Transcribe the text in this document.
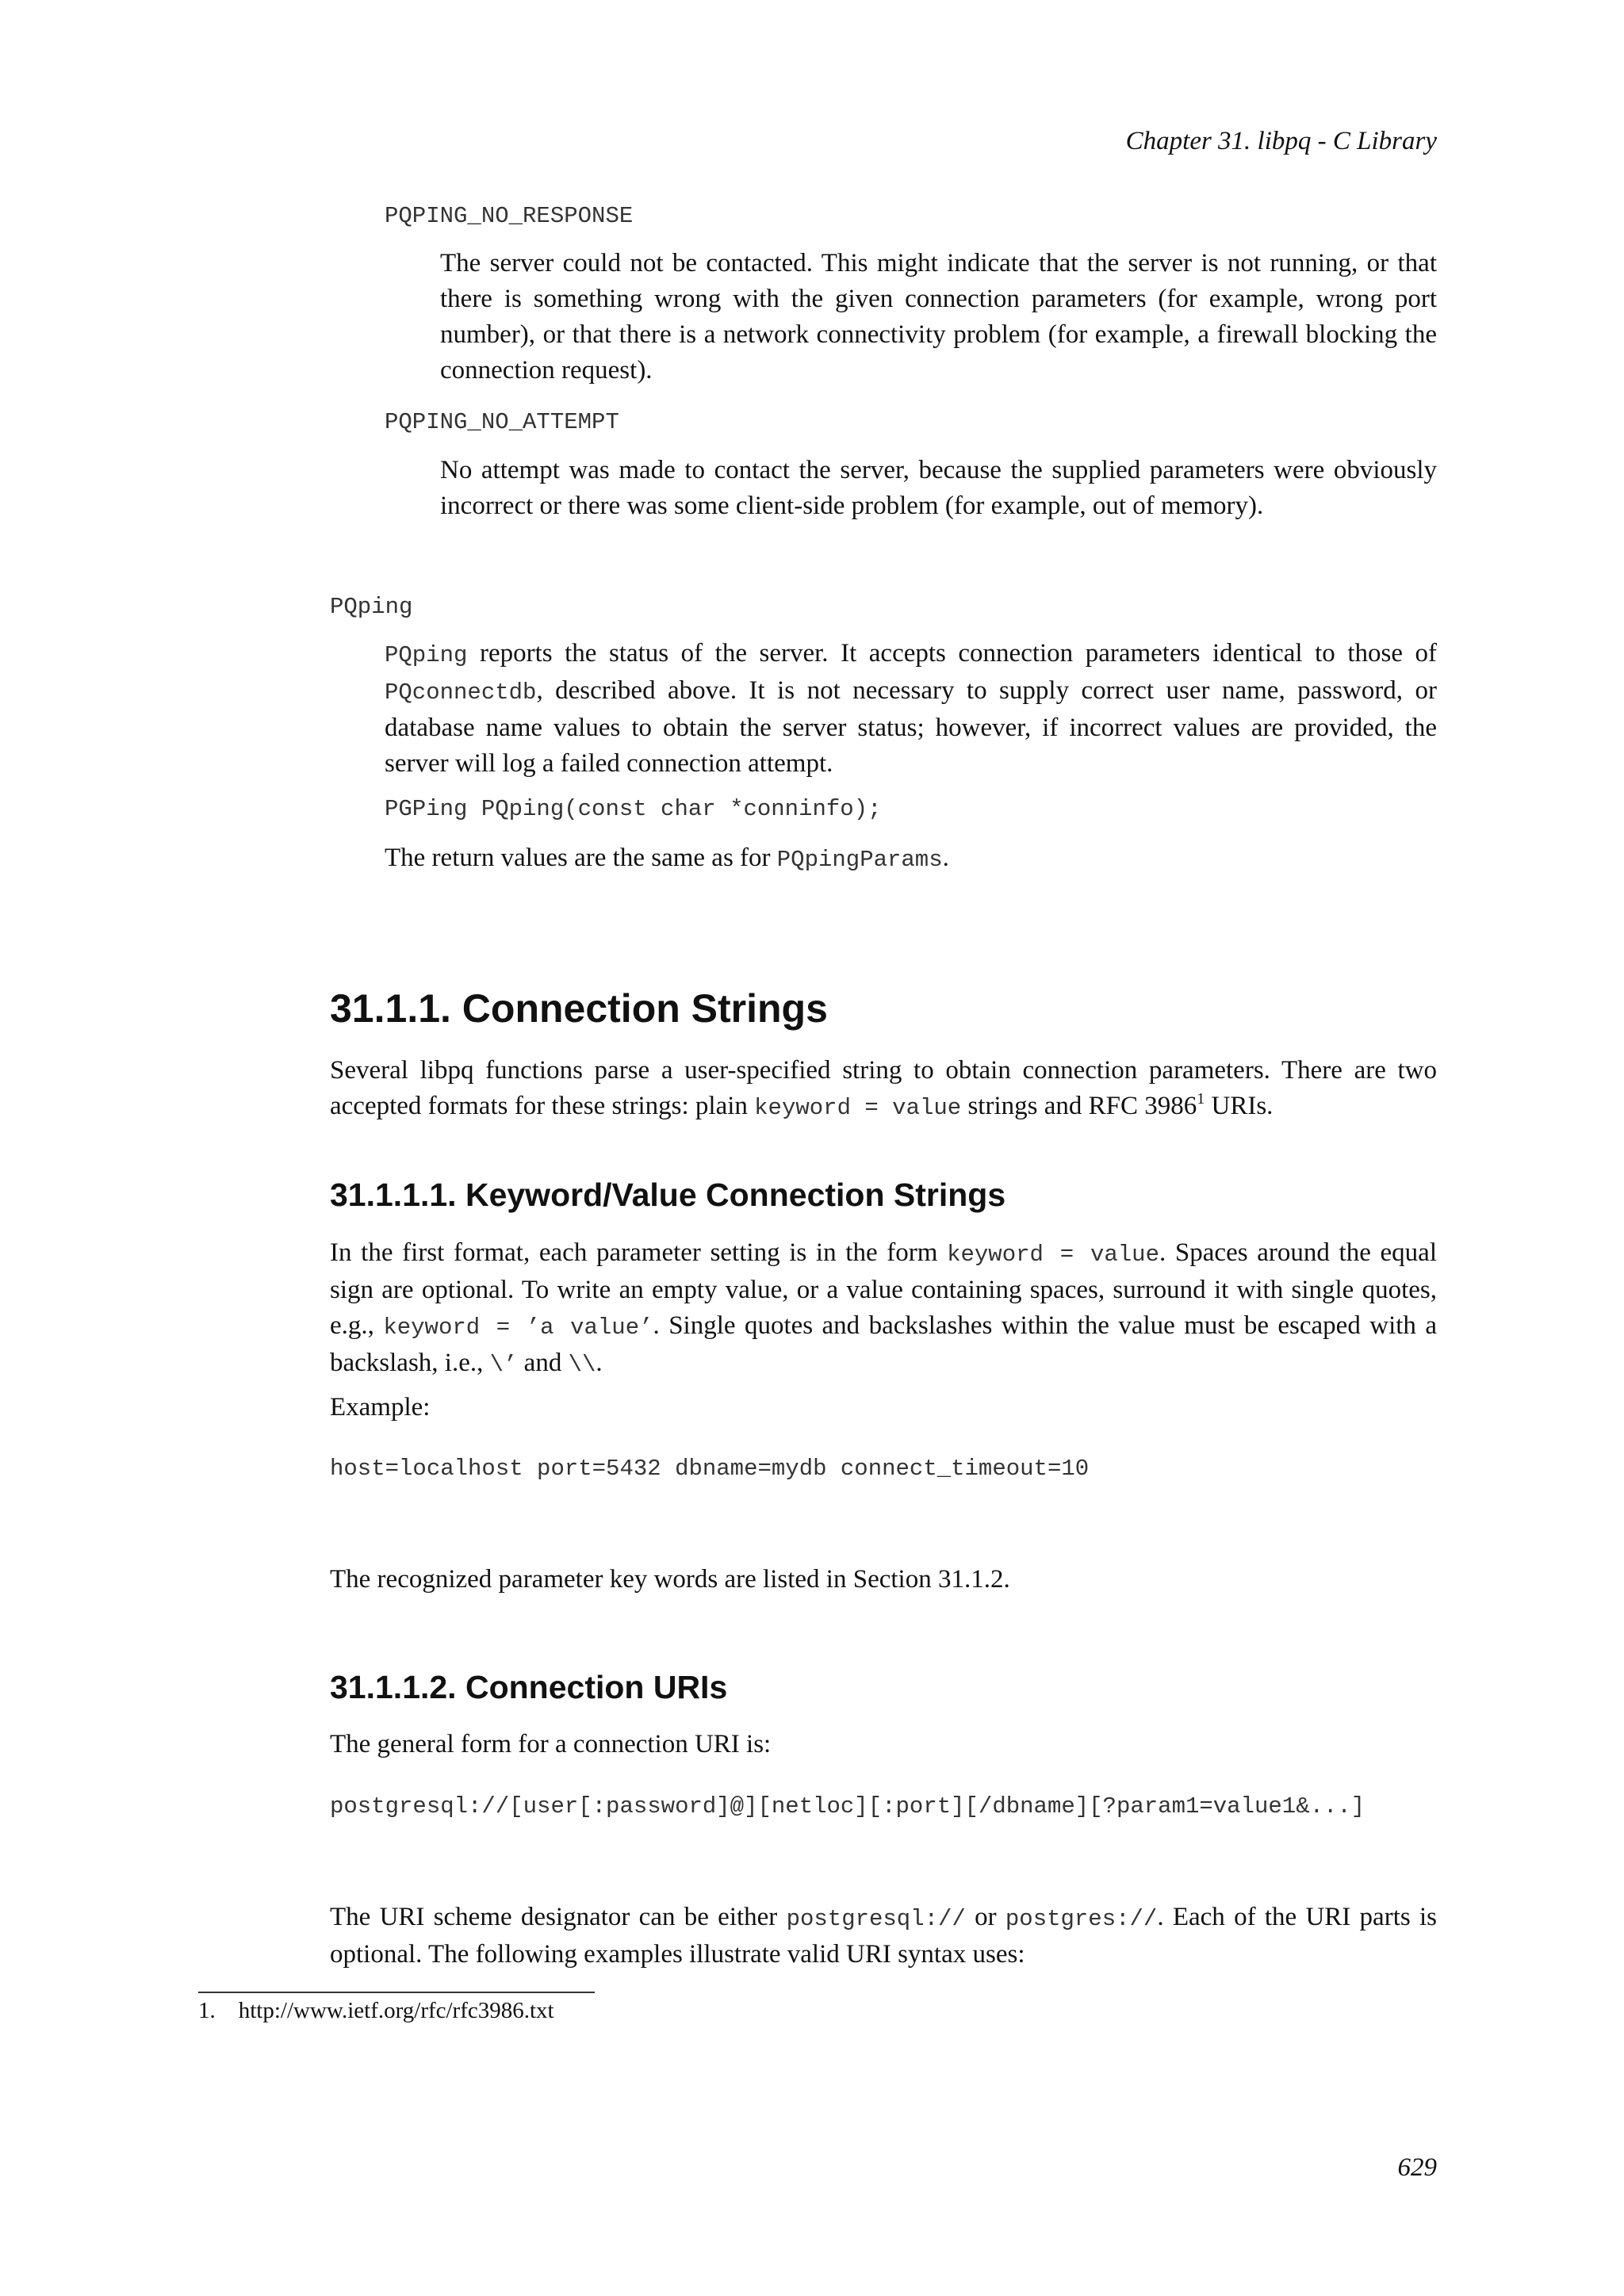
Chapter 31. libpq - C Library
PQPING_NO_RESPONSE

The server could not be contacted. This might indicate that the server is not running, or that there is something wrong with the given connection parameters (for example, wrong port number), or that there is a network connectivity problem (for example, a firewall blocking the connection request).

PQPING_NO_ATTEMPT

No attempt was made to contact the server, because the supplied parameters were obviously incorrect or there was some client-side problem (for example, out of memory).

PQping

PQping reports the status of the server. It accepts connection parameters identical to those of PQconnectdb, described above. It is not necessary to supply correct user name, password, or database name values to obtain the server status; however, if incorrect values are provided, the server will log a failed connection attempt.

PGPing PQping(const char *conninfo);

The return values are the same as for PQpingParams.

31.1.1. Connection Strings

Several libpq functions parse a user-specified string to obtain connection parameters. There are two accepted formats for these strings: plain keyword = value strings and RFC 3986$^1$ URIs.

31.1.1.1. Keyword/Value Connection Strings

In the first format, each parameter setting is in the form keyword = value. Spaces around the equal sign are optional. To write an empty value, or a value containing spaces, surround it with single quotes, e.g., keyword = ’a value’. Single quotes and backslashes within the value must be escaped with a backslash, i.e., \’ and \\.

Example:

host=localhost port=5432 dbname=mydb connect_timeout=10

The recognized parameter key words are listed in Section 31.1.2.

31.1.1.2. Connection URIs

The general form for a connection URI is:

postgresql://[user[:password]@][netloc][:port][/dbname][?param1=value1&...]

The URI scheme designator can be either postgresql:// or postgres://. Each of the URI parts is optional. The following examples illustrate valid URI syntax uses:

1.    http://www.ietf.org/rfc/rfc3986.txt
629
